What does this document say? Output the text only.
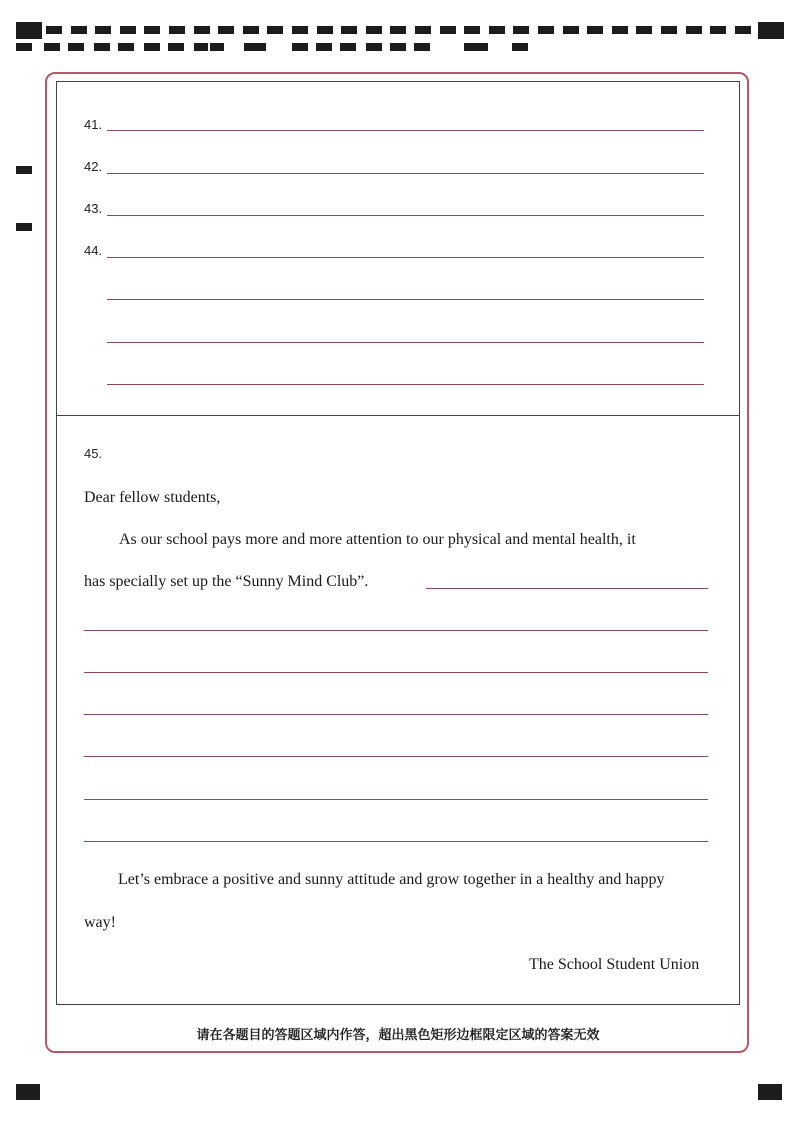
41.
42.
43.
44.
45.
Dear fellow students,
As our school pays more and more attention to our physical and mental health, it
has specially set up the “Sunny Mind Club”.
Let’s embrace a positive and sunny attitude and grow together in a healthy and happy
way!
The School Student Union
请在各题目的答题区域内作答，超出黑色矩形边框限定区域的答案无效
